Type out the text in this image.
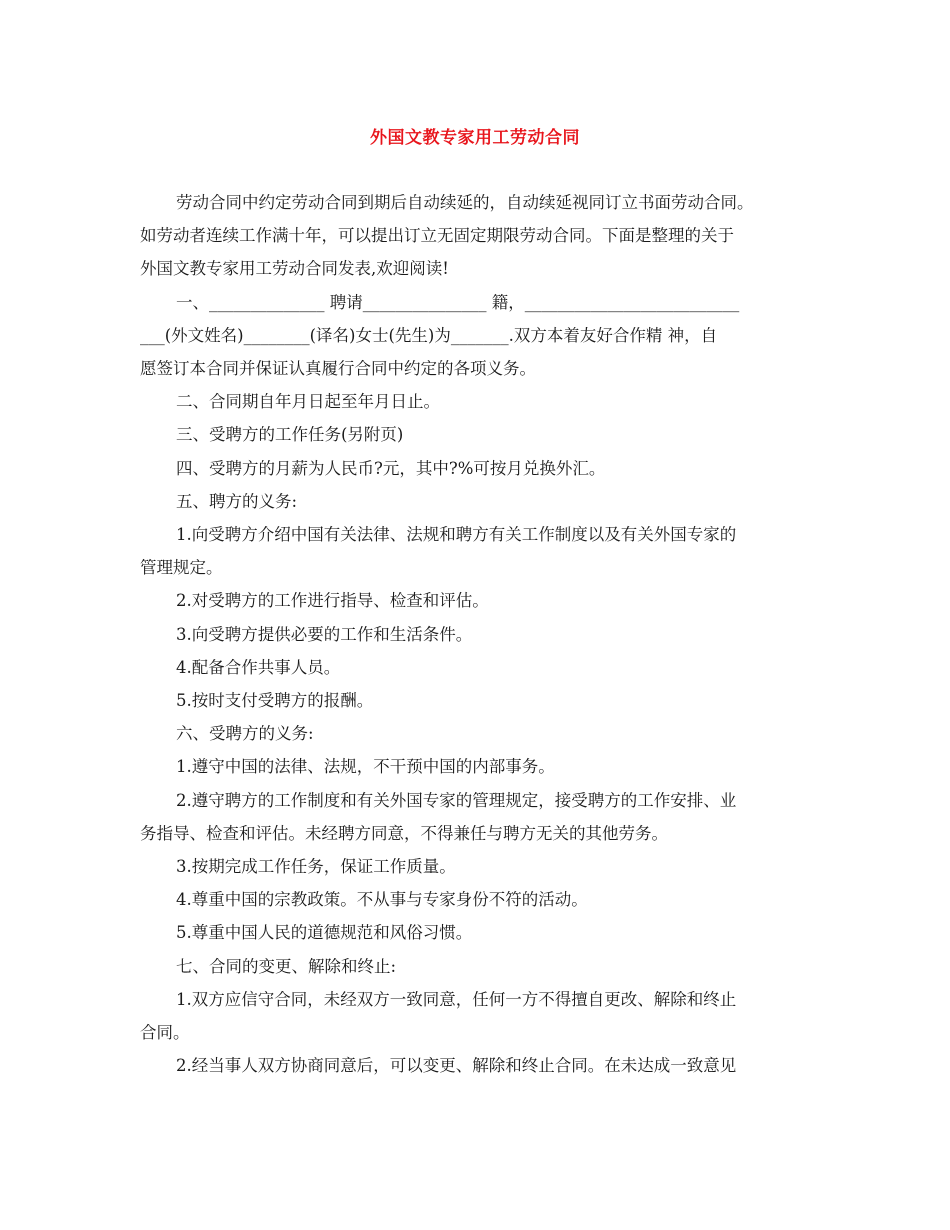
外国文教专家用工劳动合同

劳动合同中约定劳动合同到期后自动续延的，自动续延视同订立书面劳动合同。

如劳动者连续工作满十年，可以提出订立无固定期限劳动合同。下面是整理的关于

外国文教专家用工劳动合同发表,欢迎阅读!

一、______________ 聘请_______________ 籍，__________________________

___(外文姓名)________(译名)女士(先生)为_______.双方本着友好合作精 神，自

愿签订本合同并保证认真履行合同中约定的各项义务。

二、合同期自年月日起至年月日止。

三、受聘方的工作任务(另附页)

四、受聘方的月薪为人民币?元，其中?%可按月兑换外汇。

五、聘方的义务:

1.向受聘方介绍中国有关法律、法规和聘方有关工作制度以及有关外国专家的

管理规定。

2.对受聘方的工作进行指导、检查和评估。

3.向受聘方提供必要的工作和生活条件。

4.配备合作共事人员。

5.按时支付受聘方的报酬。

六、受聘方的义务:

1.遵守中国的法律、法规，不干预中国的内部事务。

2.遵守聘方的工作制度和有关外国专家的管理规定，接受聘方的工作安排、业

务指导、检查和评估。未经聘方同意，不得兼任与聘方无关的其他劳务。

3.按期完成工作任务，保证工作质量。

4.尊重中国的宗教政策。不从事与专家身份不符的活动。

5.尊重中国人民的道德规范和风俗习惯。

七、合同的变更、解除和终止:

1.双方应信守合同，未经双方一致同意，任何一方不得擅自更改、解除和终止

合同。

2.经当事人双方协商同意后，可以变更、解除和终止合同。在未达成一致意见
